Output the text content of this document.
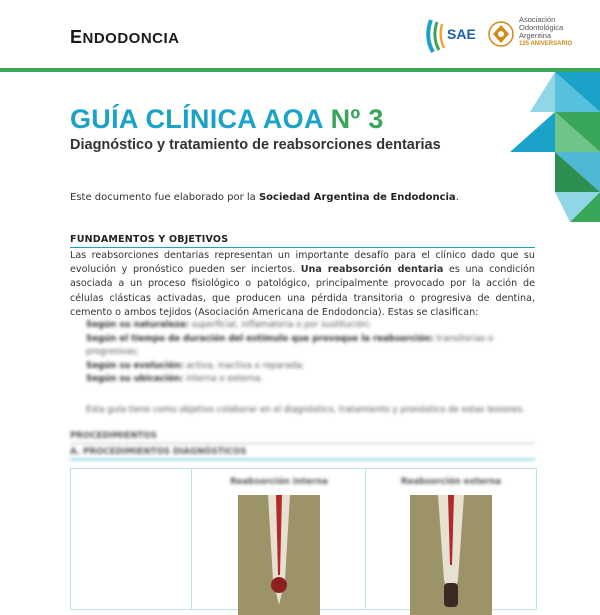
ENDODONCIA	SAE
Asociación
Odontológica
Argentina
125 ANIVERSARIO
GUÍA CLÍNICA AOA Nº 3
Diagnóstico y tratamiento de reabsorciones dentarias
Este documento fue elaborado por la Sociedad Argentina de Endodoncia.
FUNDAMENTOS Y OBJETIVOS
Las reabsorciones dentarias representan un importante desafío para el clínico dado que su evolución y pronóstico pueden ser inciertos. Una reabsorción dentaria es una condición asociada a un proceso fisiológico o patológico, principalmente provocado por la acción de células clásticas activadas, que producen una pérdida transitoria o progresiva de dentina, cemento o ambos tejidos (Asociación Americana de Endodoncia). Estas se clasifican:
Según su naturaleza: superficial, inflamatoria o por sustitución;
Según el tiempo de duración del estímulo que provoque la reabsorción: transitorias o progresivas;
Según su evolución: activa, inactiva o reparada;
Según su ubicación: interna o externa.
Esta guía tiene como objetivo colaborar en el diagnóstico, tratamiento y pronóstico de estas lesiones.
PROCEDIMIENTOS
A. PROCEDIMIENTOS DIAGNÓSTICOS
Reabsorción interna	Reabsorción externa
